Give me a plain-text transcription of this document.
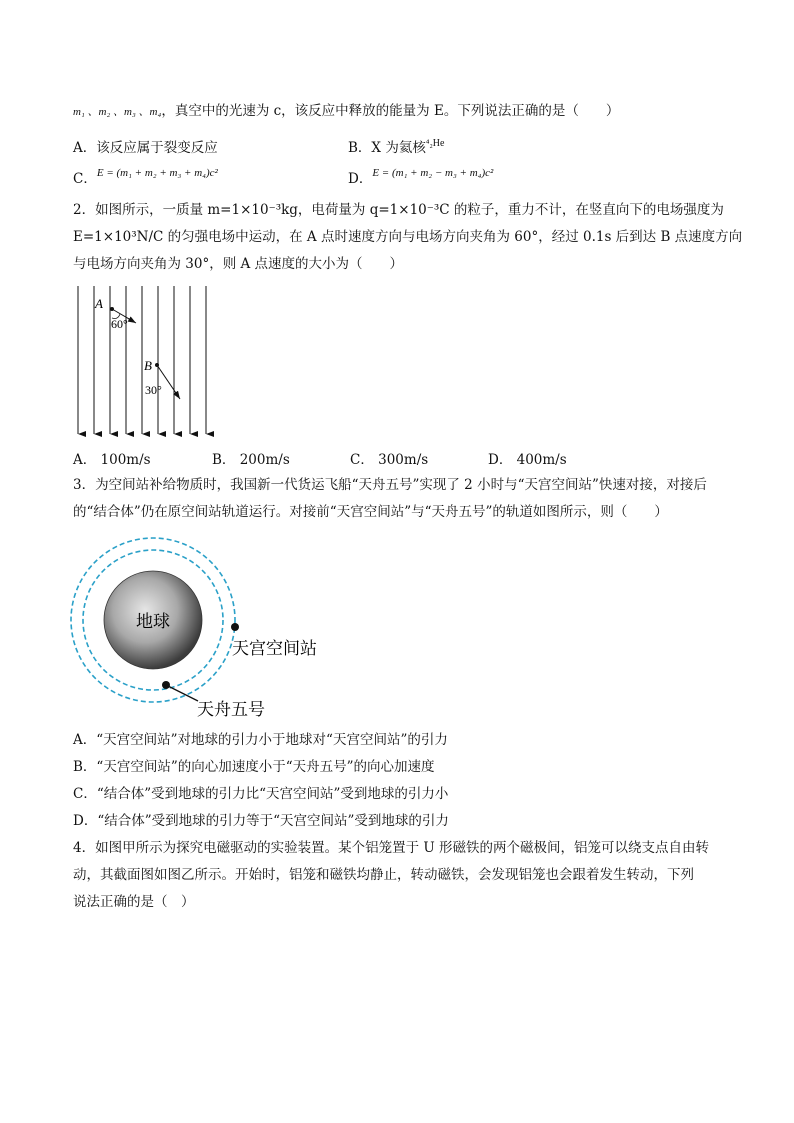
m₁ 、m₂ 、m₃ 、m₄，真空中的光速为 c，该反应中释放的能量为 E。下列说法正确的是（　　）
A．该反应属于裂变反应	B．X 为氦核$^{^4_2He}$
C．$^{E = (m_1 + m_2 + m_3 + m_4)c^2}$	D．$^{E = (m_1 + m_2 - m_3 + m_4)c^2}$
2．如图所示，一质量 m=1×10⁻³kg，电荷量为 q=1×10⁻³C 的粒子，重力不计，在竖直向下的电场强度为
E=1×10³N/C 的匀强电场中运动，在 A 点时速度方向与电场方向夹角为 60°，经过 0.1s 后到达 B 点速度方向
与电场方向夹角为 30°，则 A 点速度的大小为（　　）
A
60°
B
30°
A． 100m/s	B． 200m/s	C． 300m/s	D． 400m/s
3．为空间站补给物质时，我国新一代货运飞船“天舟五号”实现了 2 小时与“天宫空间站”快速对接，对接后
的“结合体”仍在原空间站轨道运行。对接前“天宫空间站”与“天舟五号”的轨道如图所示，则（　　）
地球
天宫空间站
天舟五号
A．“天宫空间站”对地球的引力小于地球对“天宫空间站”的引力
B．“天宫空间站”的向心加速度小于“天舟五号”的向心加速度
C．“结合体”受到地球的引力比“天宫空间站”受到地球的引力小
D．“结合体”受到地球的引力等于“天宫空间站”受到地球的引力
4．如图甲所示为探究电磁驱动的实验装置。某个铝笼置于 U 形磁铁的两个磁极间，铝笼可以绕支点自由转
动，其截面图如图乙所示。开始时，铝笼和磁铁均静止，转动磁铁，会发现铝笼也会跟着发生转动，下列
说法正确的是（　）
